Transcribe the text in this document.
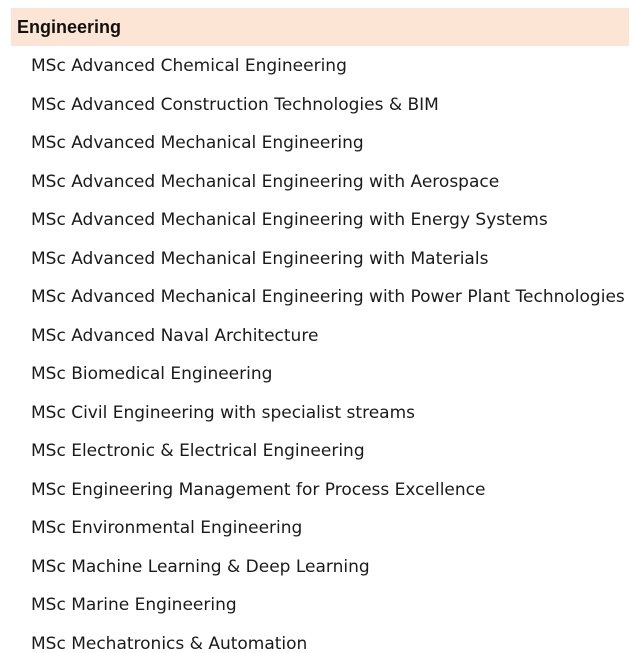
Engineering
MSc Advanced Chemical Engineering
MSc Advanced Construction Technologies & BIM
MSc Advanced Mechanical Engineering
MSc Advanced Mechanical Engineering with Aerospace
MSc Advanced Mechanical Engineering with Energy Systems
MSc Advanced Mechanical Engineering with Materials
MSc Advanced Mechanical Engineering with Power Plant Technologies
MSc Advanced Naval Architecture
MSc Biomedical Engineering
MSc Civil Engineering with specialist streams
MSc Electronic & Electrical Engineering
MSc Engineering Management for Process Excellence
MSc Environmental Engineering
MSc Machine Learning & Deep Learning
MSc Marine Engineering
MSc Mechatronics & Automation
